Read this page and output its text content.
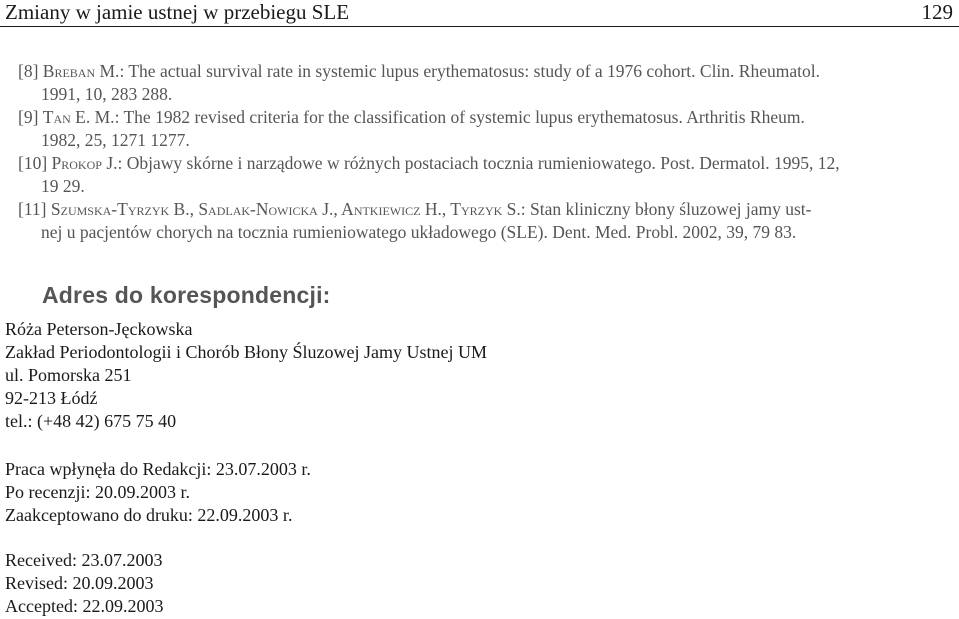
Zmiany w jamie ustnej w przebiegu SLE	129
[8] Breban M.: The actual survival rate in systemic lupus erythematosus: study of a 1976 cohort. Clin. Rheumatol.
1991, 10, 283 288.
[9] Tan E. M.: The 1982 revised criteria for the classification of systemic lupus erythematosus. Arthritis Rheum.
1982, 25, 1271 1277.
[10] Prokop J.: Objawy skórne i narządowe w różnych postaciach tocznia rumieniowatego. Post. Dermatol. 1995, 12,
19 29.
[11] Szumska-Tyrzyk B., Sadlak-Nowicka J., Antkiewicz H., Tyrzyk S.: Stan kliniczny błony śluzowej jamy ust-
nej u pacjentów chorych na tocznia rumieniowatego układowego (SLE). Dent. Med. Probl. 2002, 39, 79 83.
Adres do korespondencji:
Róża Peterson-Jęckowska
Zakład Periodontologii i Chorób Błony Śluzowej Jamy Ustnej UM
ul. Pomorska 251
92-213 Łódź
tel.: (+48 42) 675 75 40
Praca wpłynęła do Redakcji: 23.07.2003 r.
Po recenzji: 20.09.2003 r.
Zaakceptowano do druku: 22.09.2003 r.
Received: 23.07.2003
Revised: 20.09.2003
Accepted: 22.09.2003
